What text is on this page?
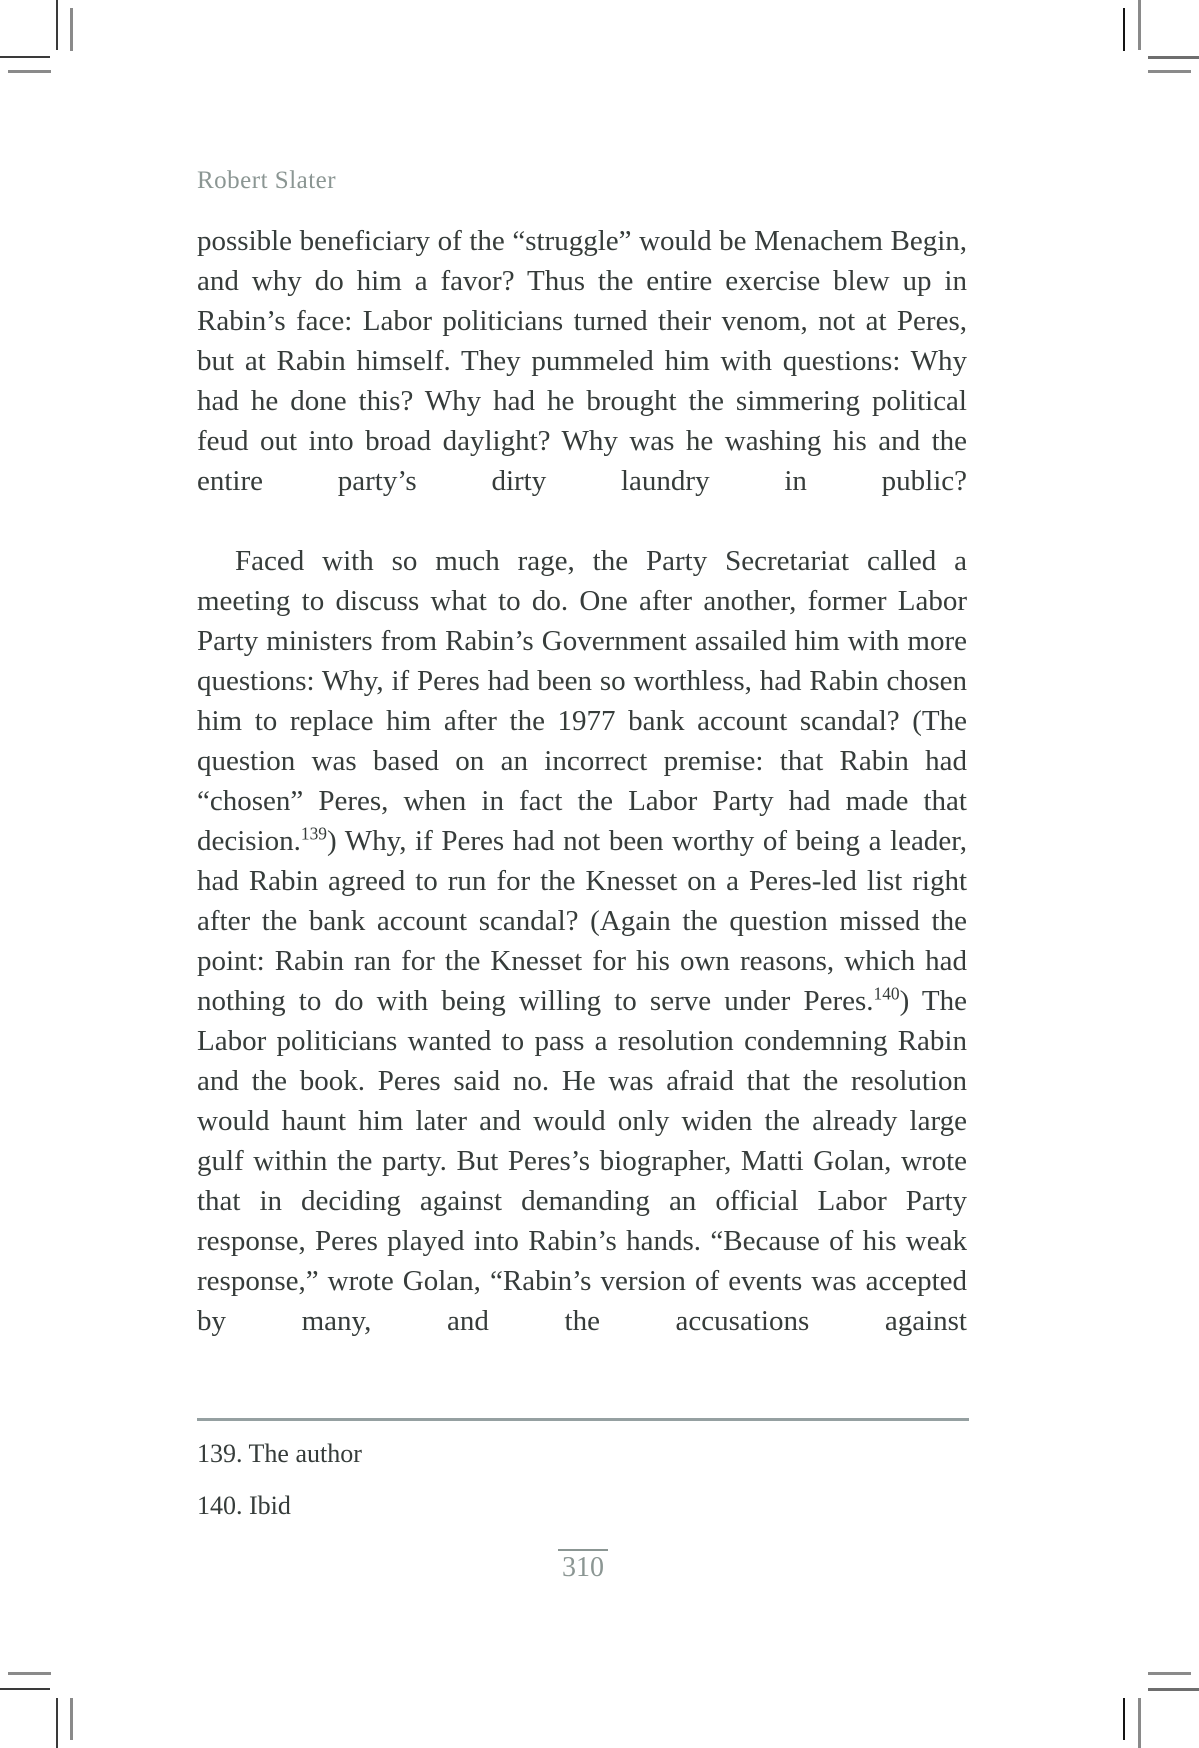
Robert Slater

possible beneficiary of the “struggle” would be Menachem Begin, and why do him a favor? Thus the entire exercise blew up in Rabin’s face: Labor politicians turned their venom, not at Peres, but at Rabin himself. They pummeled him with questions: Why had he done this? Why had he brought the simmering political feud out into broad daylight? Why was he washing his and the entire party’s dirty laundry in public?

Faced with so much rage, the Party Secretariat called a meeting to discuss what to do. One after another, former Labor Party ministers from Rabin’s Government assailed him with more questions: Why, if Peres had been so worthless, had Rabin chosen him to replace him after the 1977 bank account scandal? (The question was based on an incorrect premise: that Rabin had “chosen” Peres, when in fact the Labor Party had made that decision.$^{139}$) Why, if Peres had not been worthy of being a leader, had Rabin agreed to run for the Knesset on a Peres-led list right after the bank account scandal? (Again the question missed the point: Rabin ran for the Knesset for his own reasons, which had nothing to do with being willing to serve under Peres.$^{140}$) The Labor politicians wanted to pass a resolution condemning Rabin and the book. Peres said no. He was afraid that the resolution would haunt him later and would only widen the already large gulf within the party. But Peres’s biographer, Matti Golan, wrote that in deciding against demanding an official Labor Party response, Peres played into Rabin’s hands. “Because of his weak response,” wrote Golan, “Rabin’s version of events was accepted by many, and the accusations against

139. The author
140. Ibid
310
